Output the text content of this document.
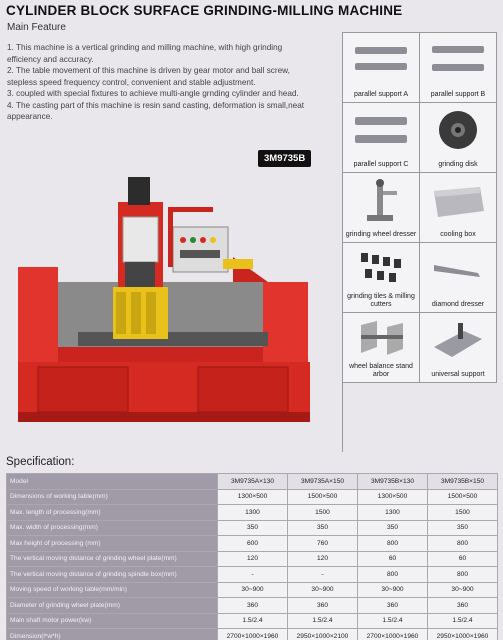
CYLINDER BLOCK SURFACE GRINDING-MILLING MACHINE
Main Feature

1. This machine is a vertical grinding and milling machine, with high grinding efficiency and accuracy.

2. The table movement of this machine is driven by gear motor and ball screw, stepless speed frequency control, convenient and stable adjustment.

3. coupled with special fixtures to achieve multi-angle grnding cylinder and head.

4. The casting part of this machine is resin sand casting, deformation is small,neat appearance.

3M9735B
parallel support A	parallel support B
parallel support C	grinding disk
grinding wheel dresser	cooling box
grinding tiles & milling cutters	diamond dresser
wheel balance stand arbor	universal support
Specification:
Model	3M9735A×130	3M9735A×150	3M9735B×130	3M9735B×150
Dimensions of working table(mm)	1300×500	1500×500	1300×500	1500×500
Max. length of processing(mm)	1300	1500	1300	1500
Max. width of processing(mm)	350	350	350	350
Max height of processing (mm)	600	760	800	800
The vertical moving distance of grinding wheel plate(mm)	120	120	60	60
The vertical moving distance of grinding spindle box(mm)	-	-	800	800
Moving speed of working table(mm/min)	30~900	30~900	30~900	30~900
Diameter of grinding wheel plate(mm)	360	360	360	360
Main shaft motor power(kw)	1.5/2.4	1.5/2.4	1.5/2.4	1.5/2.4
Dimension(l*w*h)	2700×1000×1960	2950×1000×2100	2700×1000×1960	2950×1000×1960
